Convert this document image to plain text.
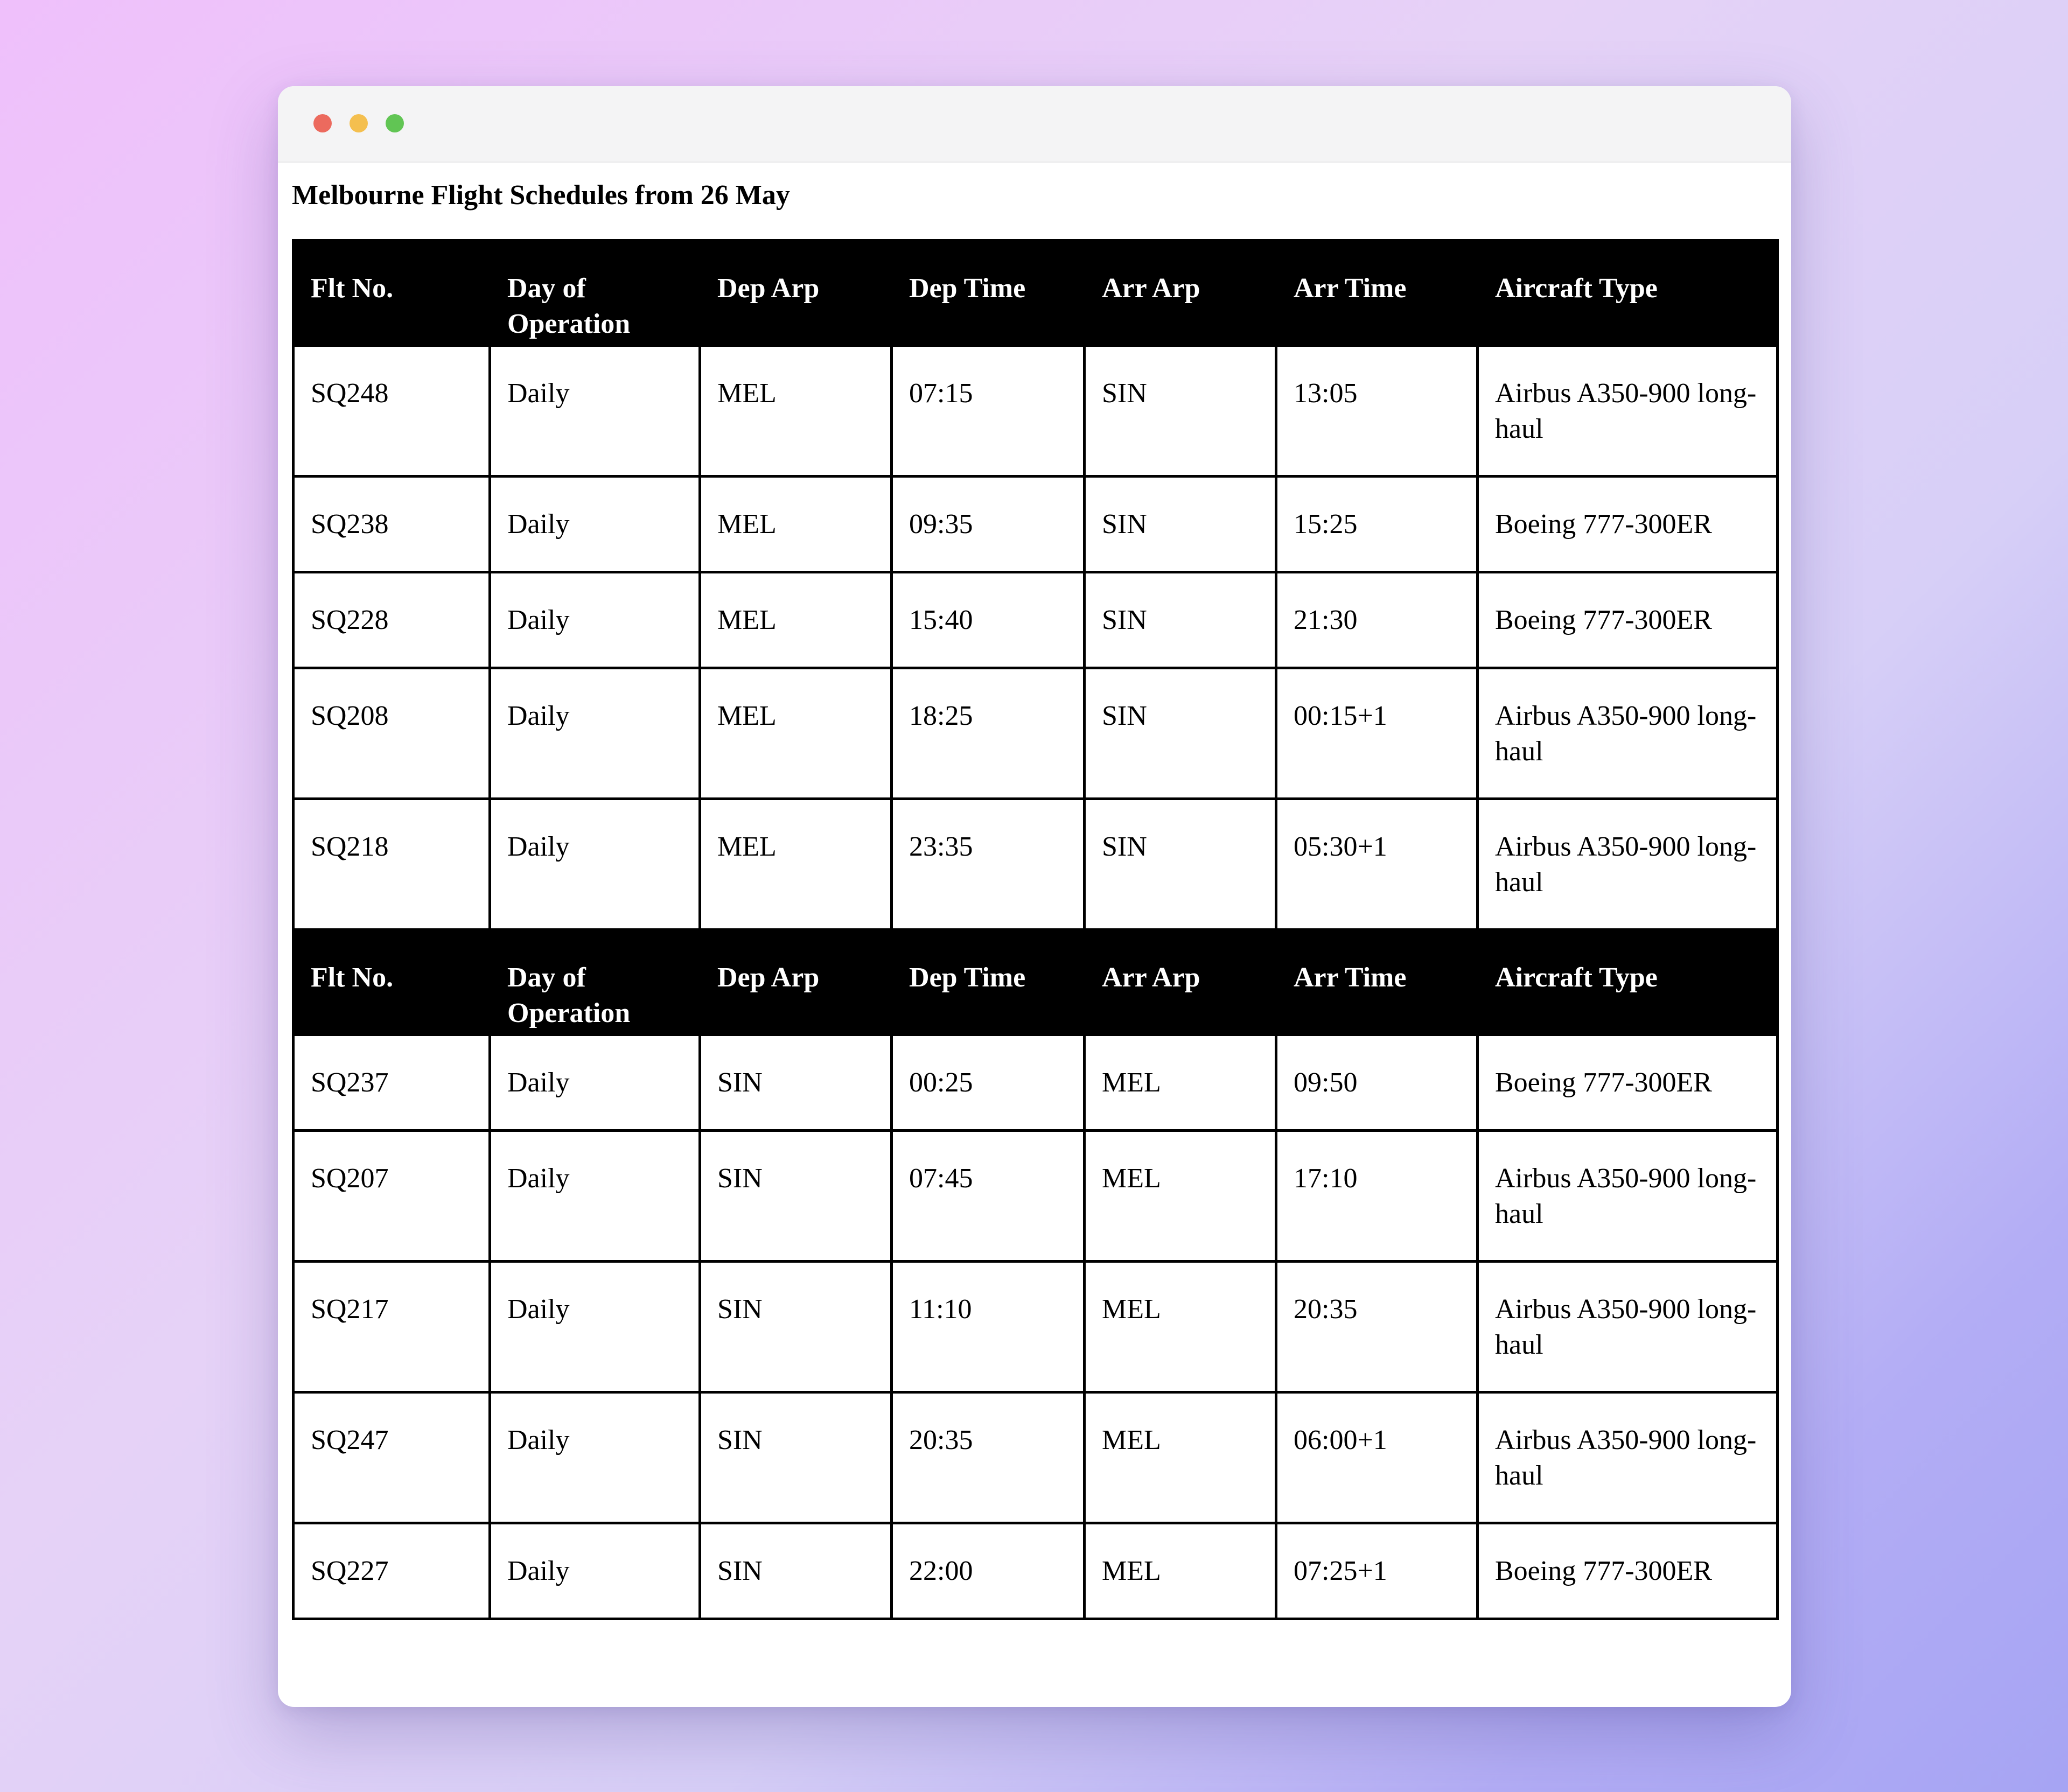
Melbourne Flight Schedules from 26 May
Flt No.	Day of Operation	Dep Arp	Dep Time	Arr Arp	Arr Time	Aircraft Type
SQ248	Daily	MEL	07:15	SIN	13:05	Airbus A350-900 long-haul
SQ238	Daily	MEL	09:35	SIN	15:25	Boeing 777-300ER
SQ228	Daily	MEL	15:40	SIN	21:30	Boeing 777-300ER
SQ208	Daily	MEL	18:25	SIN	00:15+1	Airbus A350-900 long-haul
SQ218	Daily	MEL	23:35	SIN	05:30+1	Airbus A350-900 long-haul
Flt No.	Day of Operation	Dep Arp	Dep Time	Arr Arp	Arr Time	Aircraft Type
SQ237	Daily	SIN	00:25	MEL	09:50	Boeing 777-300ER
SQ207	Daily	SIN	07:45	MEL	17:10	Airbus A350-900 long-haul
SQ217	Daily	SIN	11:10	MEL	20:35	Airbus A350-900 long-haul
SQ247	Daily	SIN	20:35	MEL	06:00+1	Airbus A350-900 long-haul
SQ227	Daily	SIN	22:00	MEL	07:25+1	Boeing 777-300ER
